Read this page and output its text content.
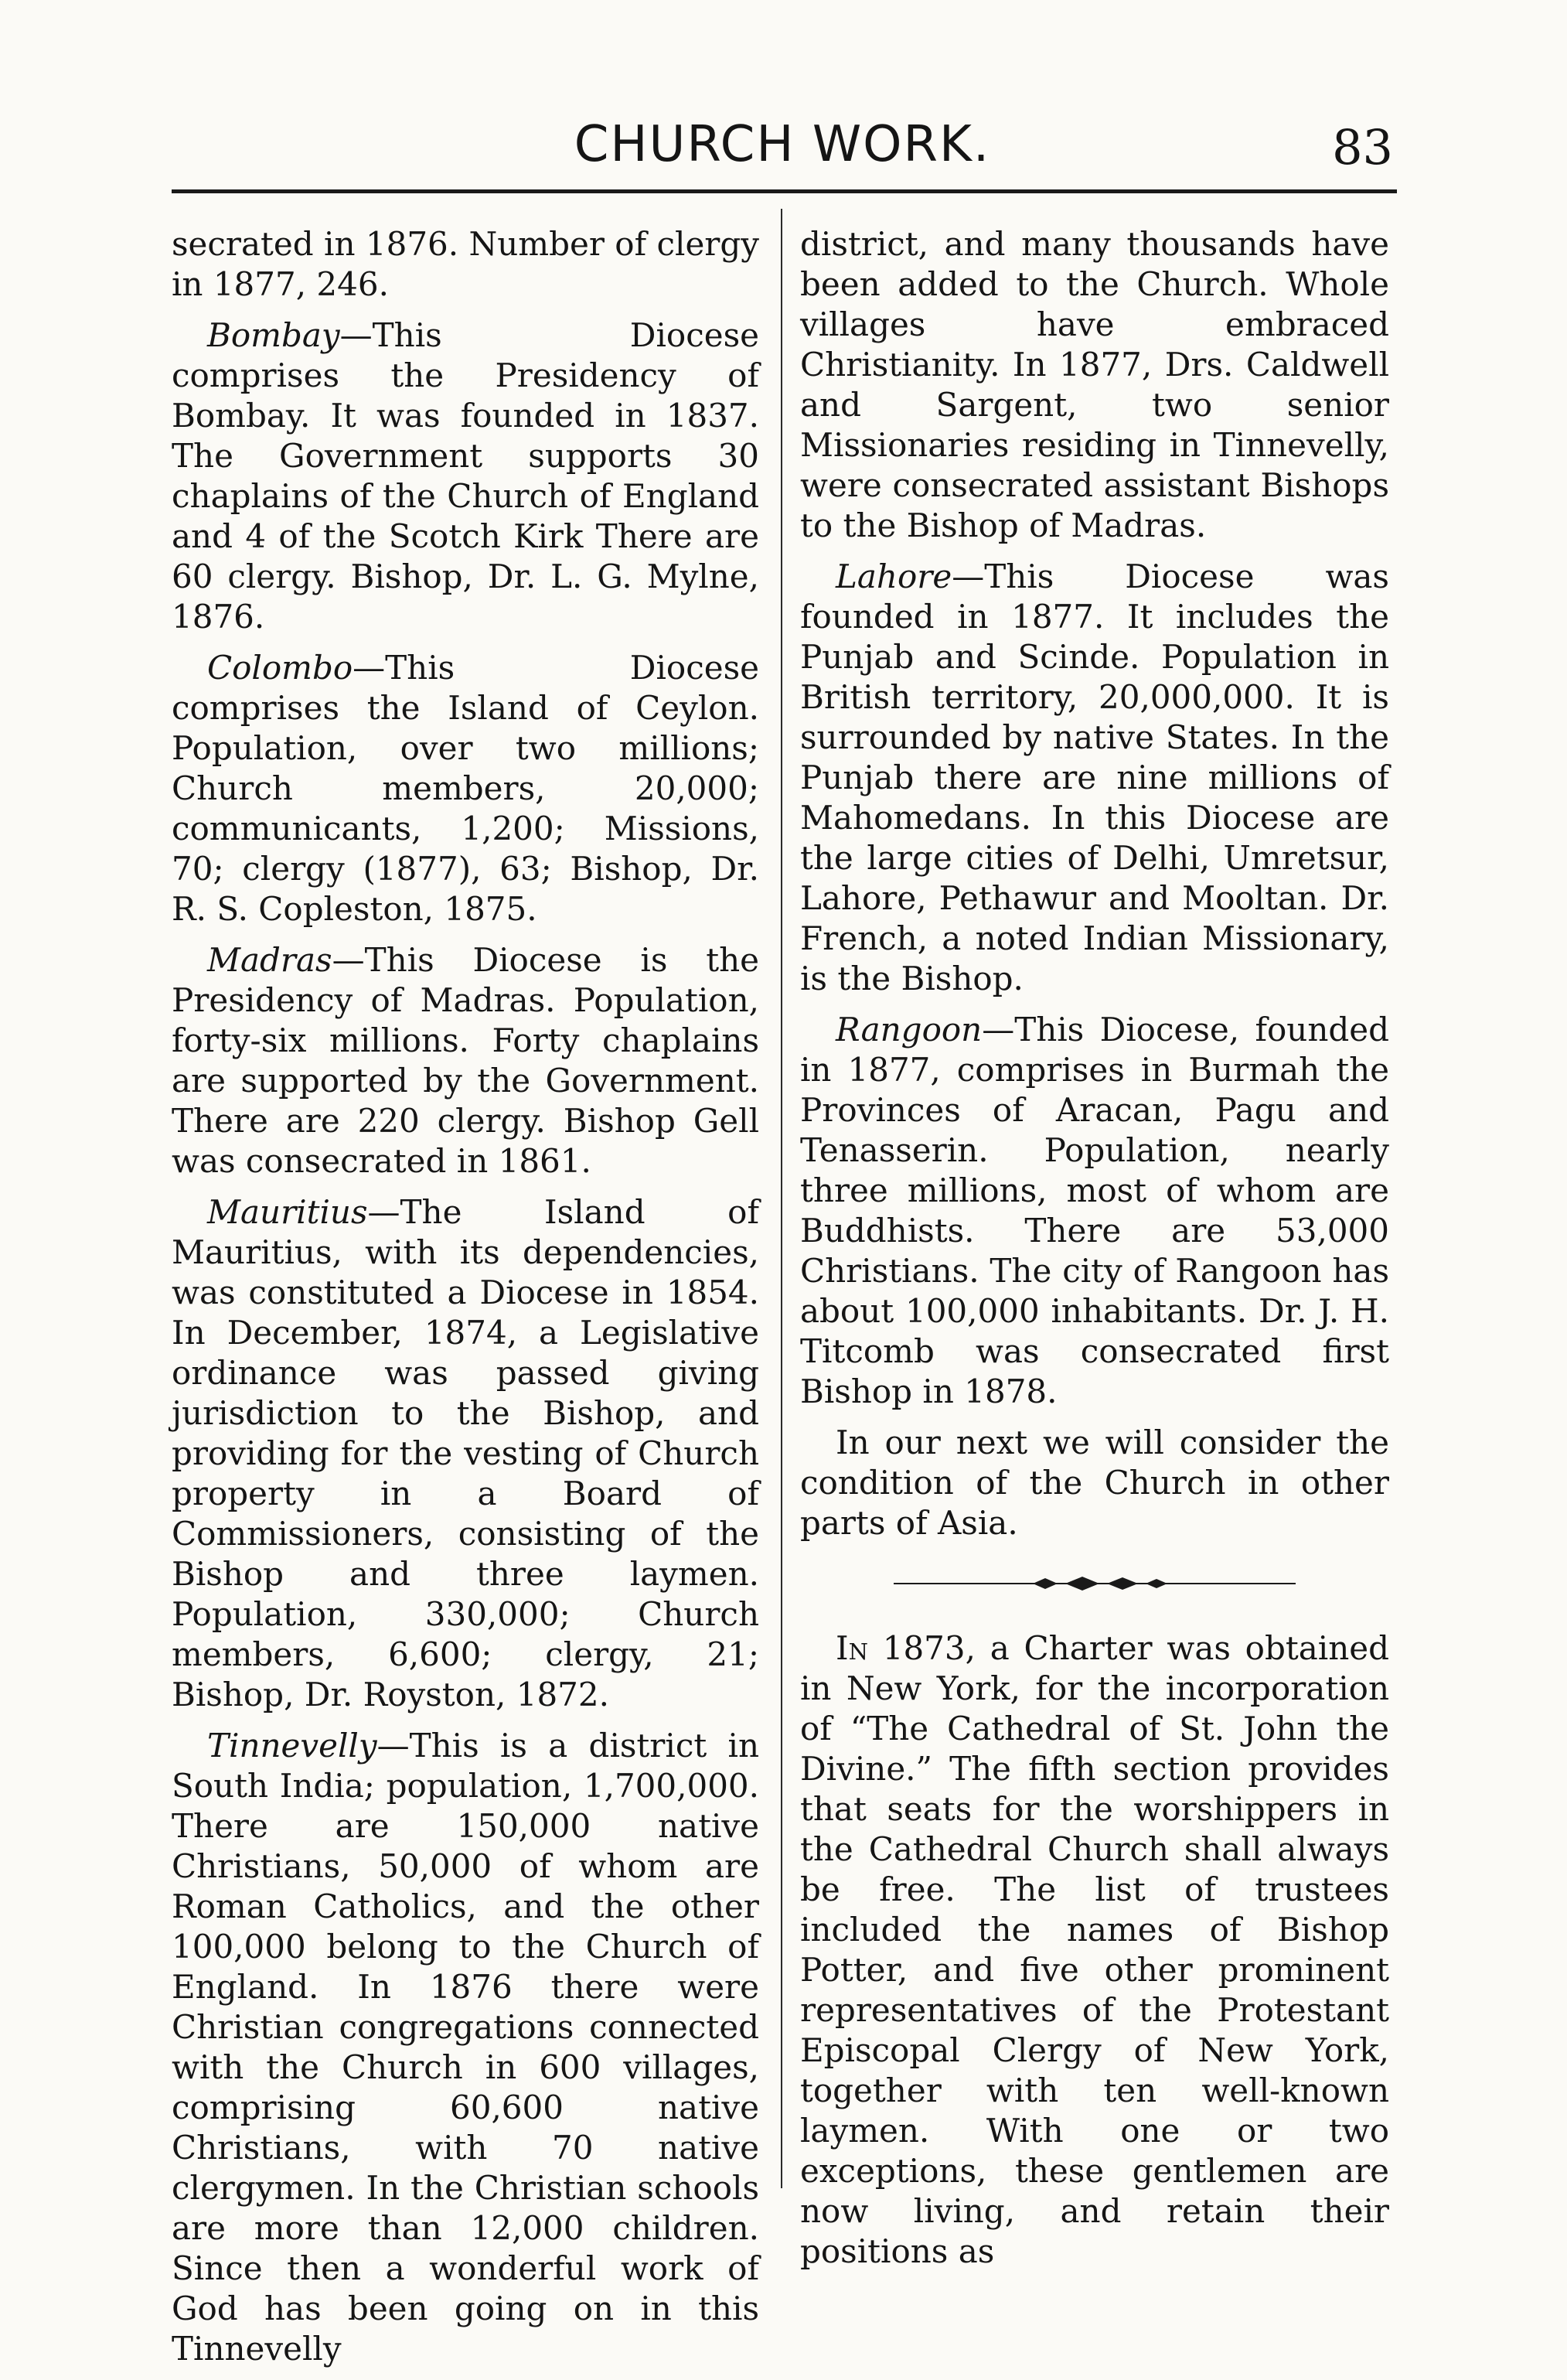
CHURCH WORK.	83

secrated in 1876. Number of clergy in 1877, 246.

Bombay—This Diocese comprises the Presidency of Bombay. It was founded in 1837. The Government supports 30 chaplains of the Church of England and 4 of the Scotch Kirk There are 60 clergy. Bishop, Dr. L. G. Mylne, 1876.

Colombo—This Diocese comprises the Island of Ceylon. Population, over two millions; Church members, 20,000; communicants, 1,200; Missions, 70; clergy (1877), 63; Bishop, Dr. R. S. Copleston, 1875.

Madras—This Diocese is the Presidency of Madras. Population, forty-six millions. Forty chaplains are supported by the Government. There are 220 clergy. Bishop Gell was consecrated in 1861.

Mauritius—The Island of Mauritius, with its dependencies, was constituted a Diocese in 1854. In December, 1874, a Legislative ordinance was passed giving jurisdiction to the Bishop, and providing for the vesting of Church property in a Board of Commissioners, consisting of the Bishop and three laymen. Population, 330,000; Church members, 6,600; clergy, 21; Bishop, Dr. Royston, 1872.

Tinnevelly—This is a district in South India; population, 1,700,000. There are 150,000 native Christians, 50,000 of whom are Roman Catholics, and the other 100,000 belong to the Church of England. In 1876 there were Christian congregations connected with the Church in 600 villages, comprising 60,600 native Christians, with 70 native clergymen. In the Christian schools are more than 12,000 children. Since then a wonderful work of God has been going on in this Tinnevelly

district, and many thousands have been added to the Church. Whole villages have embraced Christianity. In 1877, Drs. Caldwell and Sargent, two senior Missionaries residing in Tinnevelly, were consecrated assistant Bishops to the Bishop of Madras.

Lahore—This Diocese was founded in 1877. It includes the Punjab and Scinde. Population in British territory, 20,000,000. It is surrounded by native States. In the Punjab there are nine millions of Mahomedans. In this Diocese are the large cities of Delhi, Umretsur, Lahore, Pethawur and Mooltan. Dr. French, a noted Indian Missionary, is the Bishop.

Rangoon—This Diocese, founded in 1877, comprises in Burmah the Provinces of Aracan, Pagu and Tenasserin. Population, nearly three millions, most of whom are Buddhists. There are 53,000 Christians. The city of Rangoon has about 100,000 inhabitants. Dr. J. H. Titcomb was consecrated first Bishop in 1878.

In our next we will consider the condition of the Church in other parts of Asia.

In 1873, a Charter was obtained in New York, for the incorporation of “The Cathedral of St. John the Divine.” The fifth section provides that seats for the worshippers in the Cathedral Church shall always be free. The list of trustees included the names of Bishop Potter, and five other prominent representatives of the Protestant Episcopal Clergy of New York, together with ten well-known laymen. With one or two exceptions, these gentlemen are now living, and retain their positions as
